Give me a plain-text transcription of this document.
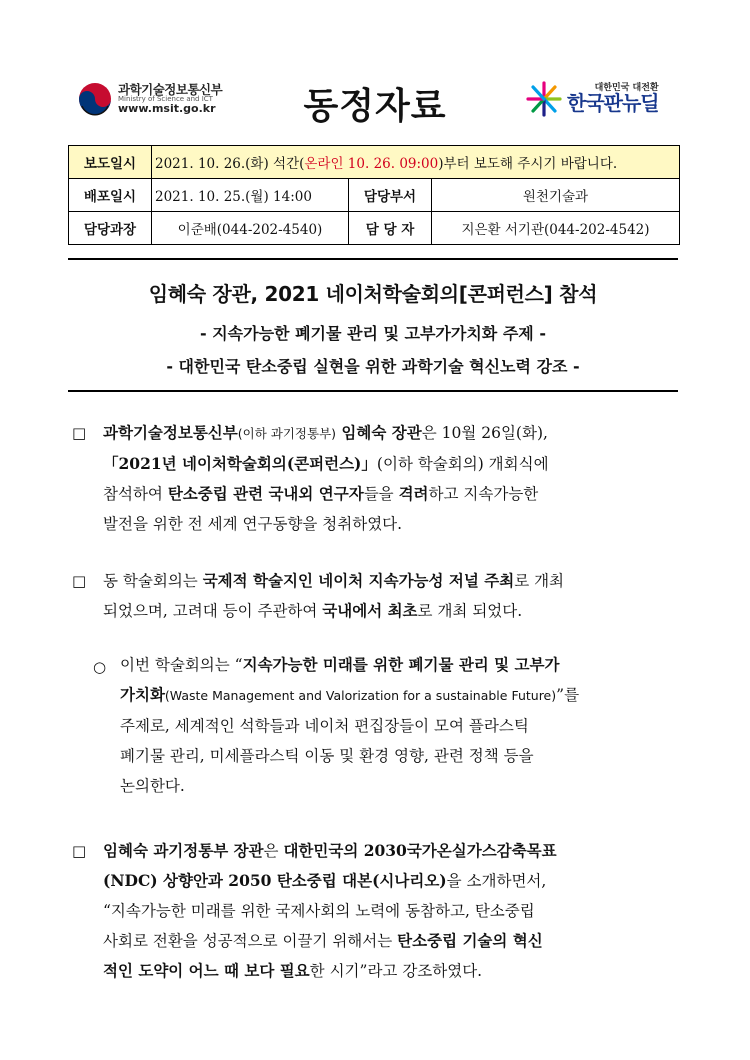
과학기술정보통신부
Ministry of Science and ICT
www.msit.go.kr	동정자료	대한민국 대전환
한국판뉴딜
보도일시	2021. 10. 26.(화) 석간(온라인 10. 26. 09:00)부터 보도해 주시기 바랍니다.		
배포일시	2021. 10. 25.(월) 14:00	담당부서	원천기술과
담당과장	이준배(044-202-4540)	담 당 자	지은환 서기관(044-202-4542)
임혜숙 장관, 2021 네이처학술회의[콘퍼런스] 참석
- 지속가능한 폐기물 관리 및 고부가가치화 주제 -
- 대한민국 탄소중립 실현을 위한 과학기술 혁신노력 강조 -
□ 과학기술정보통신부(이하 과기정통부) 임혜숙 장관은 10월 26일(화),
「2021년 네이처학술회의(콘퍼런스)」(이하 학술회의) 개회식에
참석하여 탄소중립 관련 국내외 연구자들을 격려하고 지속가능한
발전을 위한 전 세계 연구동향을 청취하였다.
□ 동 학술회의는 국제적 학술지인 네이처 지속가능성 저널 주최로 개최
되었으며, 고려대 등이 주관하여 국내에서 최초로 개최 되었다.
○ 이번 학술회의는 “지속가능한 미래를 위한 폐기물 관리 및 고부가
가치화(Waste Management and Valorization for a sustainable Future)”를
주제로, 세계적인 석학들과 네이처 편집장들이 모여 플라스틱
폐기물 관리, 미세플라스틱 이동 및 환경 영향, 관련 정책 등을
논의한다.
□ 임혜숙 과기정통부 장관은 대한민국의 2030국가온실가스감축목표
(NDC) 상향안과 2050 탄소중립 대본(시나리오)을 소개하면서,
“지속가능한 미래를 위한 국제사회의 노력에 동참하고, 탄소중립
사회로 전환을 성공적으로 이끌기 위해서는 탄소중립 기술의 혁신
적인 도약이 어느 때 보다 필요한 시기”라고 강조하였다.
